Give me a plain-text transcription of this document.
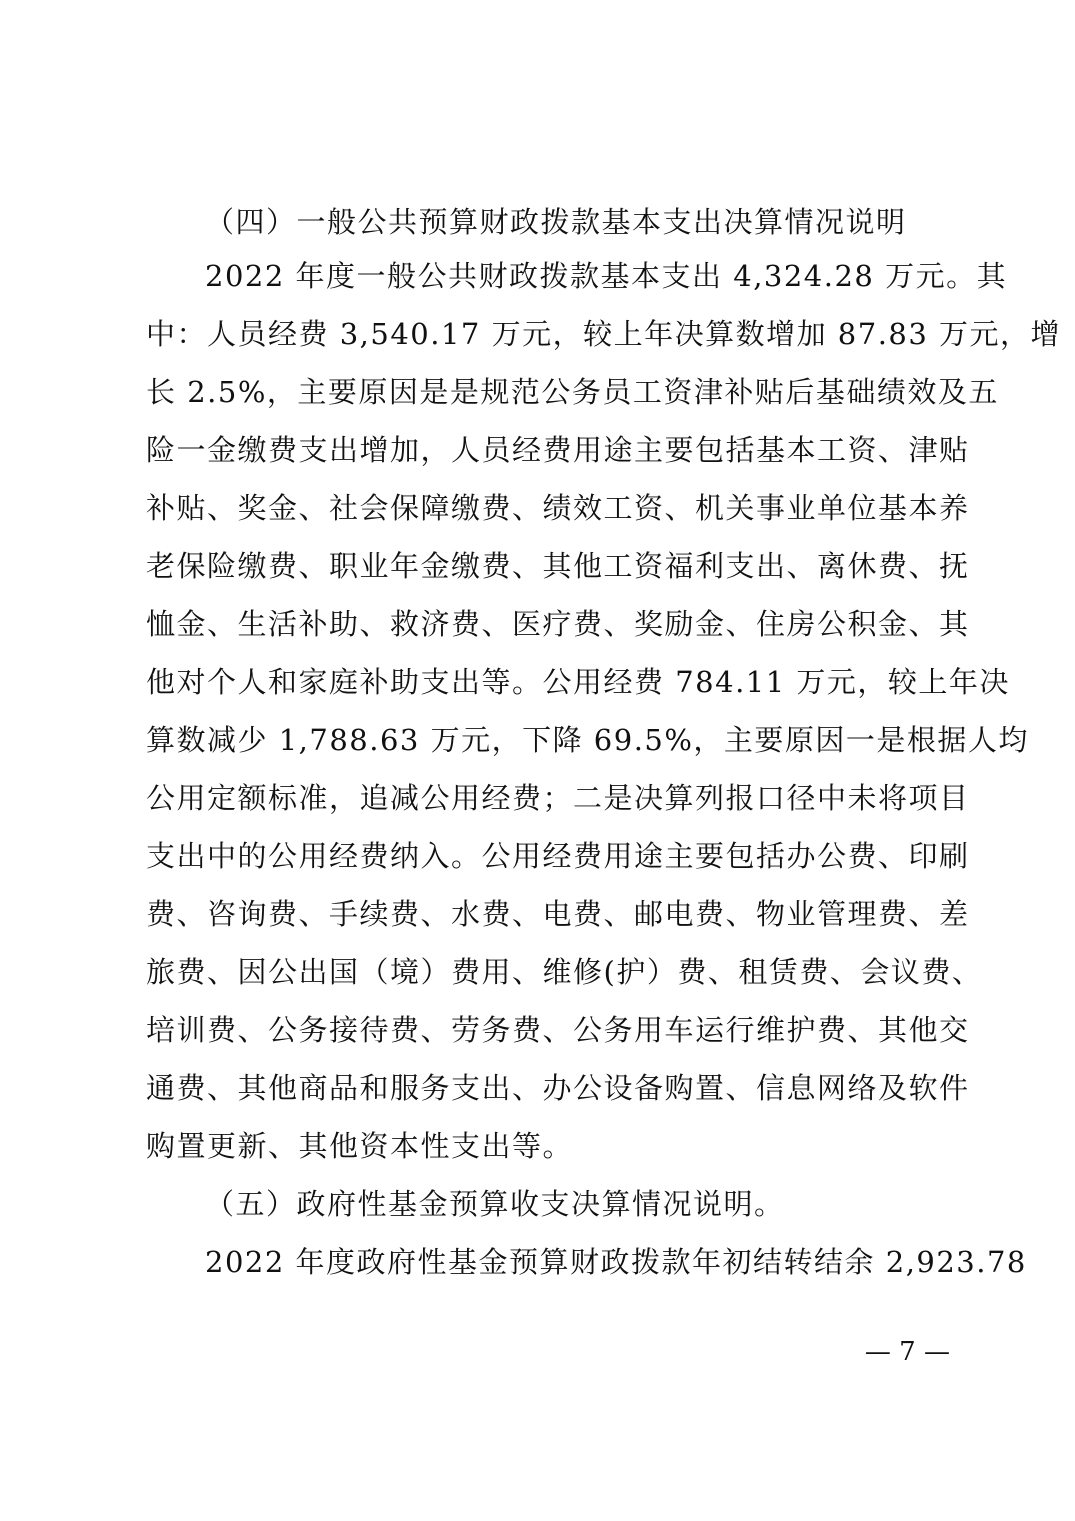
（四）一般公共预算财政拨款基本支出决算情况说明
2022 年度一般公共财政拨款基本支出 4,324.28 万元。其
中：人员经费 3,540.17 万元，较上年决算数增加 87.83 万元，增
长 2.5%，主要原因是是规范公务员工资津补贴后基础绩效及五
险一金缴费支出增加，人员经费用途主要包括基本工资、津贴
补贴、奖金、社会保障缴费、绩效工资、机关事业单位基本养
老保险缴费、职业年金缴费、其他工资福利支出、离休费、抚
恤金、生活补助、救济费、医疗费、奖励金、住房公积金、其
他对个人和家庭补助支出等。公用经费 784.11 万元，较上年决
算数减少 1,788.63 万元，下降 69.5%，主要原因一是根据人均
公用定额标准，追减公用经费；二是决算列报口径中未将项目
支出中的公用经费纳入。公用经费用途主要包括办公费、印刷
费、咨询费、手续费、水费、电费、邮电费、物业管理费、差
旅费、因公出国（境）费用、维修(护）费、租赁费、会议费、
培训费、公务接待费、劳务费、公务用车运行维护费、其他交
通费、其他商品和服务支出、办公设备购置、信息网络及软件
购置更新、其他资本性支出等。
（五）政府性基金预算收支决算情况说明。
2022 年度政府性基金预算财政拨款年初结转结余 2,923.78
— 7 —
